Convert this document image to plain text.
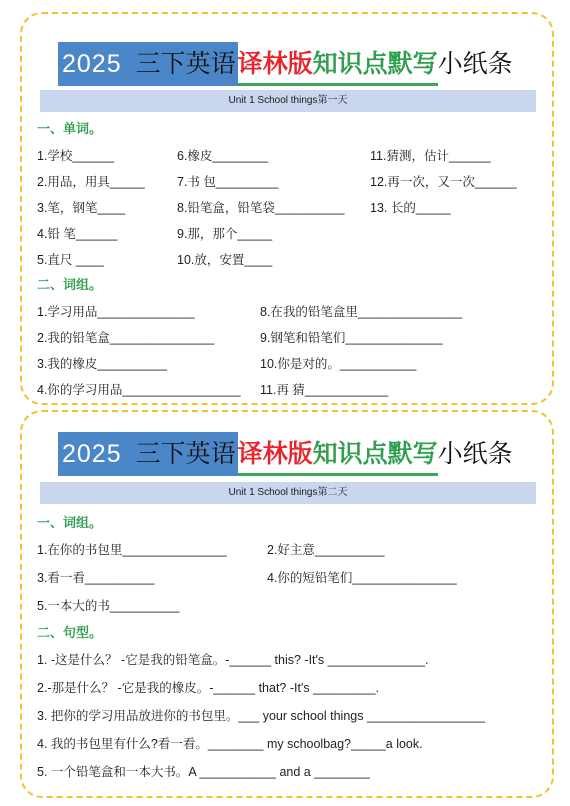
2025 三下英语 译林版 知识点默写 小纸条
Unit 1 School things第一天
一、单词。
1.学校______	6.橡皮________	11.猜测，估计______
2.用品，用具_____	7.书 包_________	12.再一次，又一次______
3.笔，钢笔____	8.铅笔盒，铅笔袋__________ 13. 长的_____
4.铅 笔______	9.那，那个_____
5.直尺 ____	10.放，安置____
二、词组。
1.学习用品______________	8.在我的铅笔盒里_______________
2.我的铅笔盒_______________	9.钢笔和铅笔们______________
3.我的橡皮__________	10.你是对的。___________
4.你的学习用品_________________ 11.再 猜____________
2025 三下英语 译林版 知识点默写 小纸条
Unit 1 School things第二天
一、词组。
1.在你的书包里_______________	2.好主意__________
3.看一看__________	4.你的短铅笔们_______________
5.一本大的书__________
二、句型。
1. -这是什么？ -它是我的铅笔盒。-______ this? -It's ______________.
2.-那是什么？ -它是我的橡皮。-______ that? -It's _________.
3. 把你的学习用品放进你的书包里。___ your school things _________________
4. 我的书包里有什么?看一看。________ my schoolbag?_____a look.
5. 一个铅笔盒和一本大书。A ___________ and a ________
